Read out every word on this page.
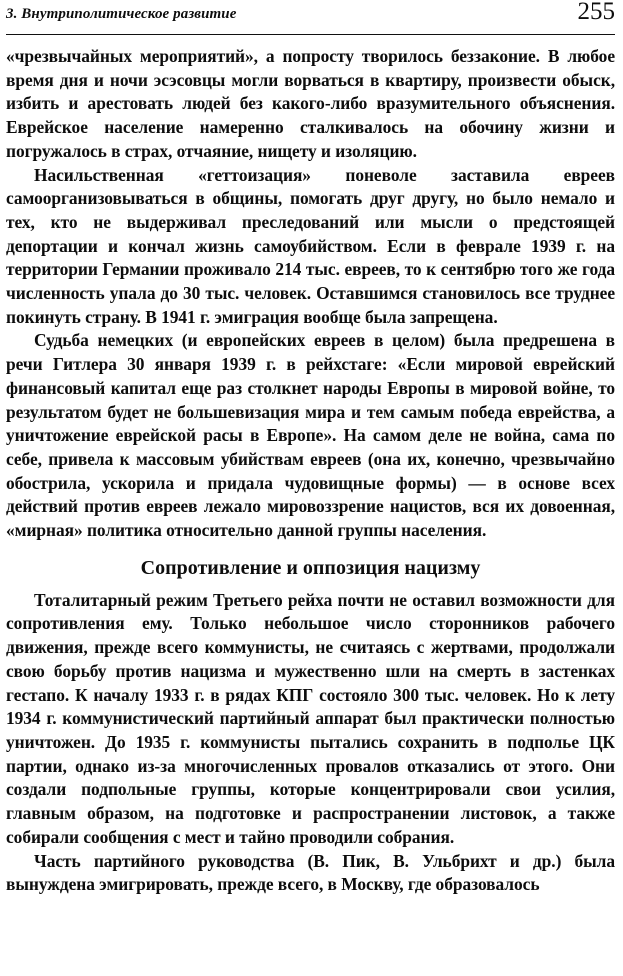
3. Внутриполитическое развитие	255

«чрезвычайных мероприятий», а попросту творилось беззаконие. В любое время дня и ночи эсэсовцы могли ворваться в квартиру, произвести обыск, избить и арестовать людей без какого-либо вразумительного объяснения. Еврейское население намеренно сталкивалось на обочину жизни и погружалось в страх, отчаяние, нищету и изоляцию.

Насильственная «геттоизация» поневоле заставила евреев самоорганизовываться в общины, помогать друг другу, но было немало и тех, кто не выдерживал преследований или мысли о предстоящей депортации и кончал жизнь самоубийством. Если в феврале 1939 г. на территории Германии проживало 214 тыс. евреев, то к сентябрю того же года численность упала до 30 тыс. человек. Оставшимся становилось все труднее покинуть страну. В 1941 г. эмиграция вообще была запрещена.

Судьба немецких (и европейских евреев в целом) была предрешена в речи Гитлера 30 января 1939 г. в рейхстаге: «Если мировой еврейский финансовый капитал еще раз столкнет народы Европы в мировой войне, то результатом будет не большевизация мира и тем самым победа еврейства, а уничтожение еврейской расы в Европе». На самом деле не война, сама по себе, привела к массовым убийствам евреев (она их, конечно, чрезвычайно обострила, ускорила и придала чудовищные формы) — в основе всех действий против евреев лежало мировоззрение нацистов, вся их довоенная, «мирная» политика относительно данной группы населения.

Сопротивление и оппозиция нацизму

Тоталитарный режим Третьего рейха почти не оставил возможности для сопротивления ему. Только небольшое число сторонников рабочего движения, прежде всего коммунисты, не считаясь с жертвами, продолжали свою борьбу против нацизма и мужественно шли на смерть в застенках гестапо. К началу 1933 г. в рядах КПГ состояло 300 тыс. человек. Но к лету 1934 г. коммунистический партийный аппарат был практически полностью уничтожен. До 1935 г. коммунисты пытались сохранить в подполье ЦК партии, однако из-за многочисленных провалов отказались от этого. Они создали подпольные группы, которые концентрировали свои усилия, главным образом, на подготовке и распространении листовок, а также собирали сообщения с мест и тайно проводили собрания.

Часть партийного руководства (В. Пик, В. Ульбрихт и др.) была вынуждена эмигрировать, прежде всего, в Москву, где образовалось
